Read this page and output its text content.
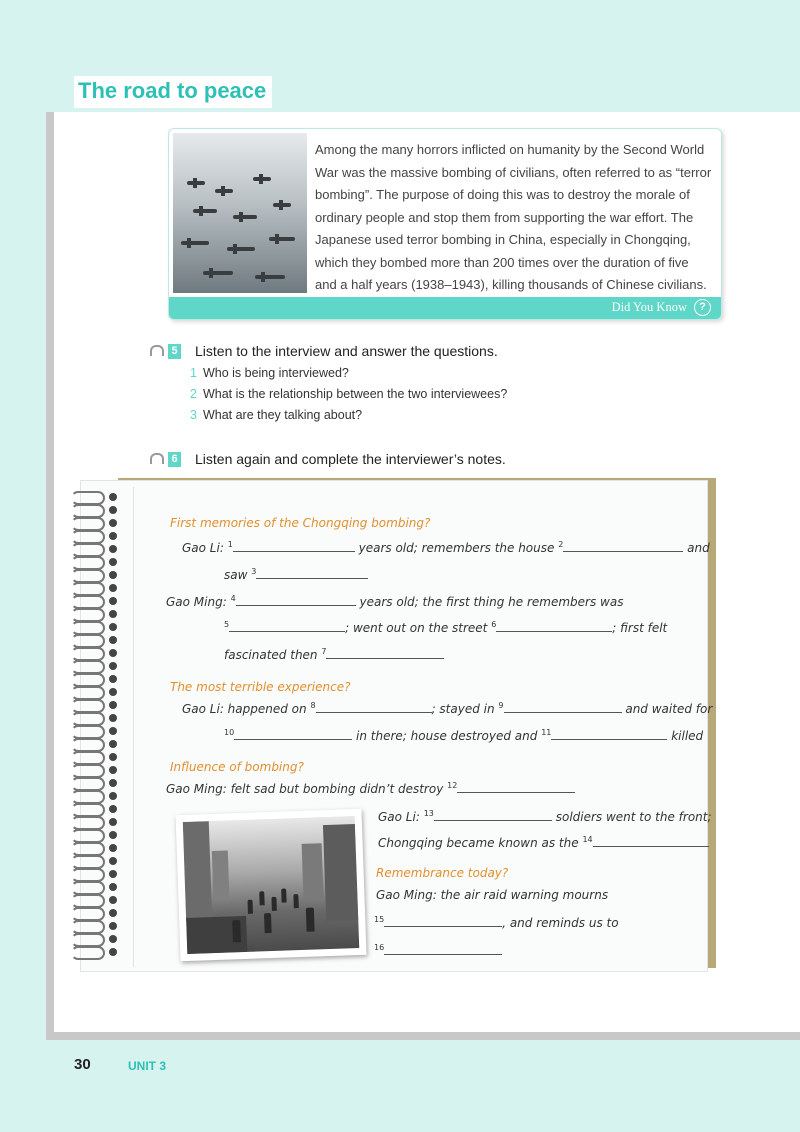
The road to peace
Among the many horrors inflicted on humanity by the Second World War was the massive bombing of civilians, often referred to as “terror bombing”. The purpose of doing this was to destroy the morale of ordinary people and stop them from supporting the war effort. The Japanese used terror bombing in China, especially in Chongqing, which they bombed more than 200 times over the duration of five and a half years (1938–1943), killing thousands of Chinese civilians.
Did You Know	?
5 Listen to the interview and answer the questions.
1 Who is being interviewed?
2 What is the relationship between the two interviewees?
3 What are they talking about?
6 Listen again and complete the interviewer’s notes.
First memories of the Chongqing bombing?
Gao Li: $^1$	years old; remembers the house $^2$	and
saw $^3$
Gao Ming: $^4$	years old; the first thing he remembers was
$^5$	; went out on the street $^6$	; first felt
fascinated then $^7$
The most terrible experience?
Gao Li: happened on $^8$	; stayed in $^9$	and waited for
$^{10}$	in there; house destroyed and $^{11}$	killed
Influence of bombing?
Gao Ming: felt sad but bombing didn’t destroy $^{12}$
Gao Li: $^{13}$	soldiers went to the front;
Chongqing became known as the $^{14}$
Remembrance today?
Gao Ming: the air raid warning mourns
$^{15}$	, and reminds us to
$^{16}$
30	UNIT 3
